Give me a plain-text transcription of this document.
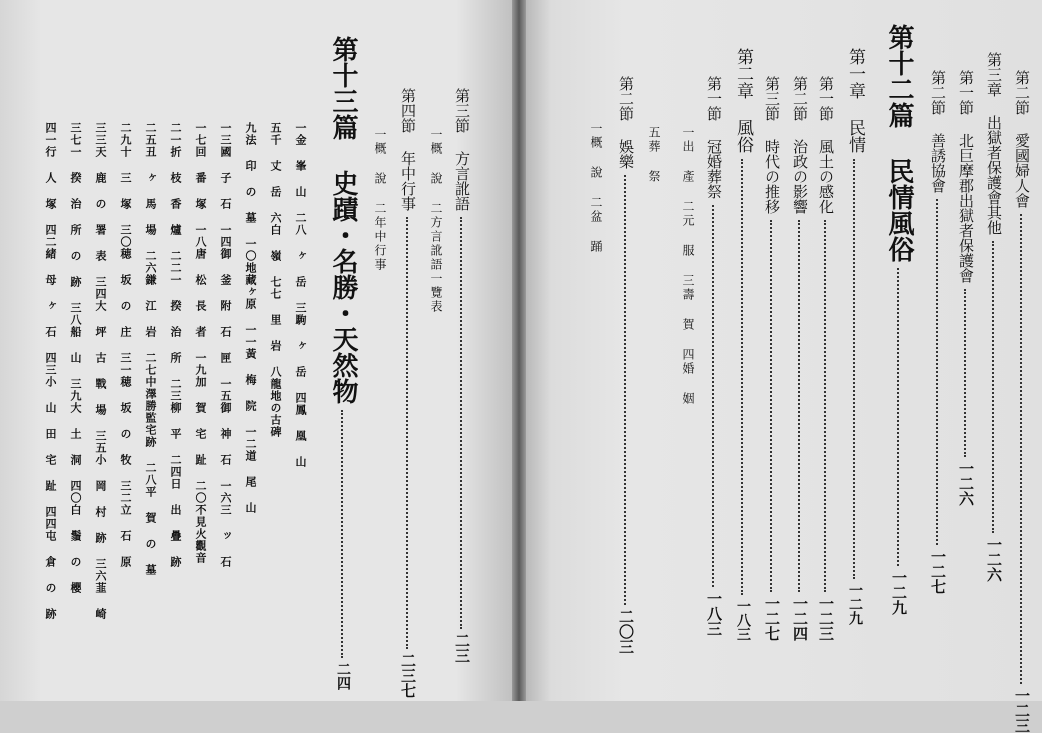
第二節 愛國婦人會一二三
第三章 出獄者保護會其他一二六
第一節 北巨摩郡出獄者保護會一二六
第二節 善誘協會一二七
第十二篇 民情風俗一二九
第一章 民情一二九
第一節 風土の感化一二三
第二節 治政の影響一二四
第三節 時代の推移一二七
第二章 風俗一八三
第一節 冠婚葬祭一八三
一出 產 二元 服 三壽 賀 四婚 姻
五葬 祭
第二節 娛樂二〇三
一概 說 二盆 踊
第三節 方言訛語二三
一概 說 二方言訛語一覽表
第四節 年中行事二三七
一概 說 二年中行事
第十三篇 史蹟・名勝・天然物二四
一金 峯 山 二八 ヶ 岳 三駒 ヶ 岳 四鳳 凰 山
五千 丈 岳 六白 嶺 七七 里 岩 八龍地の古碑
九法 印 の 墓 一〇地藏ヶ原 一一黃 梅 院 一二道 尾 山
一三國 子 石 一四御 釜 附 石 匣 一五御 神 石 一六三 ッ 石
一七回 番 塚 一八唐 松 長 者 一九加 賀 宅 趾 二〇不見火觀音
二一折 枝 香 爐 二二一 揆 治 所 二三柳 平 二四日 出 疊 跡
二五丑 ヶ 馬 場 二六鎌 江 岩 二七中澤勝監宅跡 二八平 賀 の 墓
二九十 三 塚 三〇穂 坂 の 庄 三一穂 坂 の 牧 三二立 石 原
三三天 鹿 の 署 表 三四大 坪 古 戰 場 三五小 岡 村 跡 三六韮 崎
三七一 揆 治 所 の 跡 三八船 山 三九大 土 洞 四〇白 鬚 の 櫻
四一行 人 塚 四二緒 母 ヶ 石 四三小 山 田 宅 趾 四四屯 倉 の 跡
